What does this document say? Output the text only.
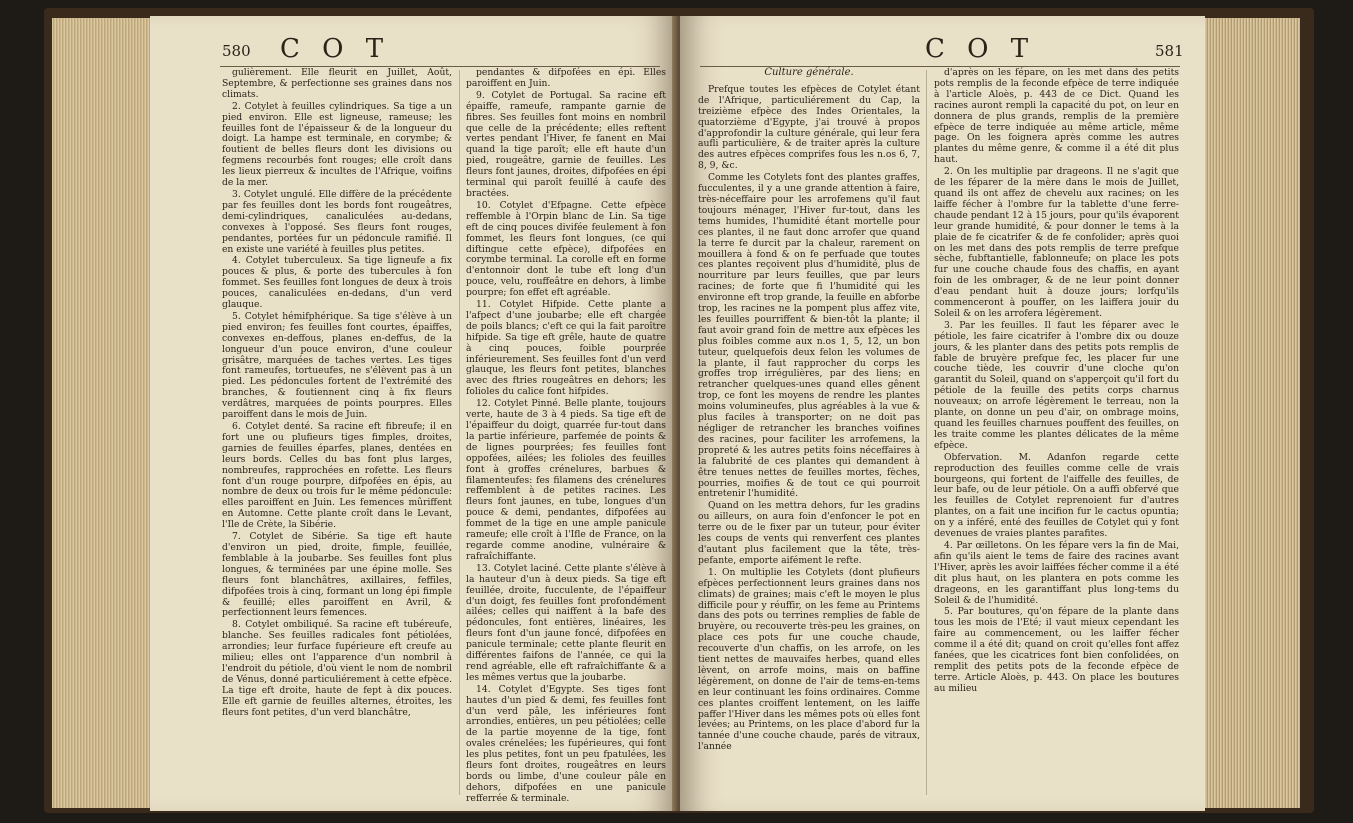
580 C O T

gulièrement. Elle fleurit en Juillet, Août, Septembre, & perfectionne ses graines dans nos climats.

2. Cotylet à feuilles cylindriques. Sa tige a un pied environ. Elle est ligneuse, rameuse; les feuilles font de l'épaisseur & de la longueur du doigt. La hampe est terminale, en corymbe; & foutient de belles fleurs dont les divisions ou fegmens recourbés font rouges; elle croît dans les lieux pierreux & incultes de l'Afrique, voifins de la mer.

3. Cotylet ungulé. Elle diffère de la précédente par fes feuilles dont les bords font rougeâtres, demi-cylindriques, canaliculées au-dedans, convexes à l'opposé. Ses fleurs font rouges, pendantes, portées fur un pédoncule ramifié. Il en existe une variété à feuilles plus petites.

4. Cotylet tuberculeux. Sa tige ligneufe a fix pouces & plus, & porte des tubercules à fon fommet. Ses feuilles font longues de deux à trois pouces, canaliculées en-dedans, d'un verd glauque.

5. Cotylet hémifphérique. Sa tige s'élève à un pied environ; fes feuilles font courtes, épaiffes, convexes en-deffous, planes en-deffus, de la longueur d'un pouce environ, d'une couleur grisâtre, marquées de taches vertes. Les tiges font rameufes, tortueufes, ne s'élèvent pas à un pied. Les pédoncules fortent de l'extrémité des branches, & foutiennent cinq à fix fleurs verdâtres, marquées de points pourpres. Elles paroiffent dans le mois de Juin.

6. Cotylet denté. Sa racine eft fibreufe; il en fort une ou plufieurs tiges fimples, droites, garnies de feuilles éparfes, planes, dentées en leurs bords. Celles du bas font plus larges, nombreufes, rapprochées en rofette. Les fleurs font d'un rouge pourpre, difpofées en épis, au nombre de deux ou trois fur le même pédoncule: elles paroiffent en Juin. Les femences mûriffent en Automne. Cette plante croît dans le Levant, l'Ile de Crète, la Sibérie.

7. Cotylet de Sibérie. Sa tige eft haute d'environ un pied, droite, fimple, feuillée, femblable à la joubarbe. Ses feuilles font plus longues, & terminées par une épine molle. Ses fleurs font blanchâtres, axillaires, feffiles, difpofées trois à cinq, formant un long épi fimple & feuillé; elles paroiffent en Avril, & perfectionnent leurs femences.

8. Cotylet ombiliqué. Sa racine eft tubéreufe, blanche. Ses feuilles radicales font pétiolées, arrondies; leur furface fupérieure eft creufe au milieu; elles ont l'apparence d'un nombril à l'endroit du pétiole, d'où vient le nom de nombril de Vénus, donné particuliérement à cette efpèce. La tige eft droite, haute de fept à dix pouces. Elle eft garnie de feuilles alternes, étroites, les fleurs font petites, d'un verd blanchâtre,

pendantes & difpofées en épi. Elles paroiffent en Juin.

9. Cotylet de Portugal. Sa racine eft épaiffe, rameufe, rampante garnie de fibres. Ses feuilles font moins en nombril que celle de la précédente; elles reftent vertes pendant l'Hiver, fe fanent en Mai quand la tige paroît; elle eft haute d'un pied, rougeâtre, garnie de feuilles. Les fleurs font jaunes, droites, difpofées en épi terminal qui paroît feuillé à caufe des bractées.

10. Cotylet d'Efpagne. Cette efpèce reffemble à l'Orpin blanc de Lin. Sa tige eft de cinq pouces divifée feulement à fon fommet, les fleurs font longues, (ce qui diftingue cette efpèce), difpofées en corymbe terminal. La corolle eft en forme d'entonnoir dont le tube eft long d'un pouce, velu, rouffeâtre en dehors, à limbe pourpre; fon effet eft agréable.

11. Cotylet Hifpide. Cette plante a l'afpect d'une joubarbe; elle eft chargée de poils blancs; c'eft ce qui la fait paroître hifpide. Sa tige eft grêle, haute de quatre à cinq pouces, foible pourprée inférieurement. Ses feuilles font d'un verd glauque, les fleurs font petites, blanches avec des ftries rougeâtres en dehors; les folioles du calice font hifpides.

12. Cotylet Pinné. Belle plante, toujours verte, haute de 3 à 4 pieds. Sa tige eft de l'épaiffeur du doigt, quarrée fur-tout dans la partie inférieure, parfemée de points & de lignes pourprées; fes feuilles font oppofées, ailées; les folioles des feuilles font à groffes crénelures, barbues & filamenteufes: fes filamens des crénelures reffemblent à de petites racines. Les fleurs font jaunes, en tube, longues d'un pouce & demi, pendantes, difpofées au fommet de la tige en une ample panicule rameufe; elle croît à l'Ifle de France, on la regarde comme anodine, vulnéraire & rafraîchiffante.

13. Cotylet laciné. Cette plante s'élève à la hauteur d'un à deux pieds. Sa tige eft feuillée, droite, fucculente, de l'épaiffeur d'un doigt, fes feuilles font profondément ailées; celles qui naiffent à la bafe des pédoncules, font entières, linéaires, les fleurs font d'un jaune foncé, difpofées en panicule terminale; cette plante fleurit en différentes faifons de l'année, ce qui la rend agréable, elle eft rafraîchiffante & a les mêmes vertus que la joubarbe.

14. Cotylet d'Egypte. Ses tiges font hautes d'un pied & demi, fes feuilles font d'un verd pâle, les inférieures font arrondies, entières, un peu pétiolées; celle de la partie moyenne de la tige, font ovales crénelées; les fupérieures, qui font les plus petites, font un peu fpatulées, les fleurs font droites, rougeâtres en leurs bords ou limbe, d'une couleur pâle en dehors, difpofées en une panicule refferrée & terminale.

C O T	581

Culture générale.

Prefque toutes les efpèces de Cotylet étant de l'Afrique, particuliérement du Cap, la treizième efpèce des Indes Orientales, la quatorzième d'Egypte, j'ai trouvé à propos d'approfondir la culture générale, qui leur fera aufli particulière, & de traiter après la culture des autres efpèces comprifes fous les n.os 6, 7, 8, 9, &c.

Comme les Cotylets font des plantes graffes, fucculentes, il y a une grande attention à faire, très-néceffaire pour les arrofemens qu'il faut toujours ménager, l'Hiver fur-tout, dans les tems humides, l'humidité étant mortelle pour ces plantes, il ne faut donc arrofer que quand la terre fe durcit par la chaleur, rarement on mouillera à fond & on fe perfuade que toutes ces plantes reçoivent plus d'humidité, plus de nourriture par leurs feuilles, que par leurs racines; de forte que fi l'humidité qui les environne eft trop grande, la feuille en abforbe trop, les racines ne la pompent plus affez vite, les feuilles pourriffent & bien-tôt la plante; il faut avoir grand foin de mettre aux efpèces les plus foibles comme aux n.os 1, 5, 12, un bon tuteur, quelquefois deux felon les volumes de la plante, il faut rapprocher du corps les groffes trop irrégulières, par des liens; en retrancher quelques-unes quand elles gênent trop, ce font les moyens de rendre les plantes moins volumineufes, plus agréables à la vue & plus faciles à transporter; on ne doit pas négliger de retrancher les branches voifines des racines, pour faciliter les arrofemens, la propreté & les autres petits foins néceffaires à la falubrité de ces plantes qui demandent à être tenues nettes de feuilles mortes, fèches, pourries, moifies & de tout ce qui pourroit entretenir l'humidité.

Quand on les mettra dehors, fur les gradins ou ailleurs, on aura foin d'enfoncer le pot en terre ou de le fixer par un tuteur, pour éviter les coups de vents qui renverfent ces plantes d'autant plus facilement que la tête, très-pefante, emporte aifément le refte.

1. On multiplie les Cotylets (dont plufieurs efpèces perfectionnent leurs graines dans nos climats) de graines; mais c'eft le moyen le plus difficile pour y réuffir, on les feme au Printems dans des pots ou terrines remplies de fable de bruyère, ou recouverte très-peu les graines, on place ces pots fur une couche chaude, recouverte d'un chaffis, on les arrofe, on les tient nettes de mauvaifes herbes, quand elles lèvent, on arrofe moins, mais on baffine légèrement, on donne de l'air de tems-en-tems en leur continuant les foins ordinaires. Comme ces plantes croiffent lentement, on les laiffe paffer l'Hiver dans les mêmes pots où elles font levées; au Printems, on les place d'abord fur la tannée d'une couche chaude, parés de vitraux, l'année

d'après on les fépare, on les met dans des petits pots remplis de la feconde efpèce de terre indiquée à l'article Aloès, p. 443 de ce Dict. Quand les racines auront rempli la capacité du pot, on leur en donnera de plus grands, remplis de la première efpèce de terre indiquée au même article, même page. On les foignera après comme les autres plantes du même genre, & comme il a été dit plus haut.

2. On les multiplie par drageons. Il ne s'agit que de les féparer de la mère dans le mois de Juillet, quand ils ont affez de chevelu aux racines; on les laiffe fécher à l'ombre fur la tablette d'une ferre-chaude pendant 12 à 15 jours, pour qu'ils évaporent leur grande humidité, & pour donner le tems à la plaie de fe cicatrifer & de fe confolider; après quoi on les met dans des pots remplis de terre prefque sèche, fubftantielle, fablonneufe; on place les pots fur une couche chaude fous des chaffis, en ayant foin de les ombrager, & de ne leur point donner d'eau pendant huit à douze jours; lorfqu'ils commenceront à pouffer, on les laiffera jouir du Soleil & on les arrofera légèrement.

3. Par les feuilles. Il faut les féparer avec le pétiole, les faire cicatrifer à l'ombre dix ou douze jours, & les planter dans des petits pots remplis de fable de bruyère prefque fec, les placer fur une couche tiède, les couvrir d'une cloche qu'on garantit du Soleil, quand on s'apperçoit qu'il fort du pétiole de la feuille des petits corps charnus nouveaux; on arrofe légèrement le terreau, non la plante, on donne un peu d'air, on ombrage moins, quand les feuilles charnues pouffent des feuilles, on les traite comme les plantes délicates de la même efpèce.

Obfervation. M. Adanfon regarde cette reproduction des feuilles comme celle de vrais bourgeons, qui fortent de l'aiffelle des feuilles, de leur bafe, ou de leur pétiole. On a auffi obfervé que les feuilles de Cotylet reprenoient fur d'autres plantes, on a fait une incifion fur le cactus opuntia; on y a inféré, enté des feuilles de Cotylet qui y font devenues de vraies plantes parafites.

4. Par œilletons. On les fépare vers la fin de Mai, afin qu'ils aient le tems de faire des racines avant l'Hiver, après les avoir laiffées fécher comme il a été dit plus haut, on les plantera en pots comme les drageons, en les garantiffant plus long-tems du Soleil & de l'humidité.

5. Par boutures, qu'on fépare de la plante dans tous les mois de l'Eté; il vaut mieux cependant les faire au commencement, ou les laiffer fécher comme il a été dit; quand on croit qu'elles font affez fanées, que les cicatrices font bien confolidées, on remplit des petits pots de la feconde efpèce de terre. Article Aloès, p. 443. On place les boutures au milieu
